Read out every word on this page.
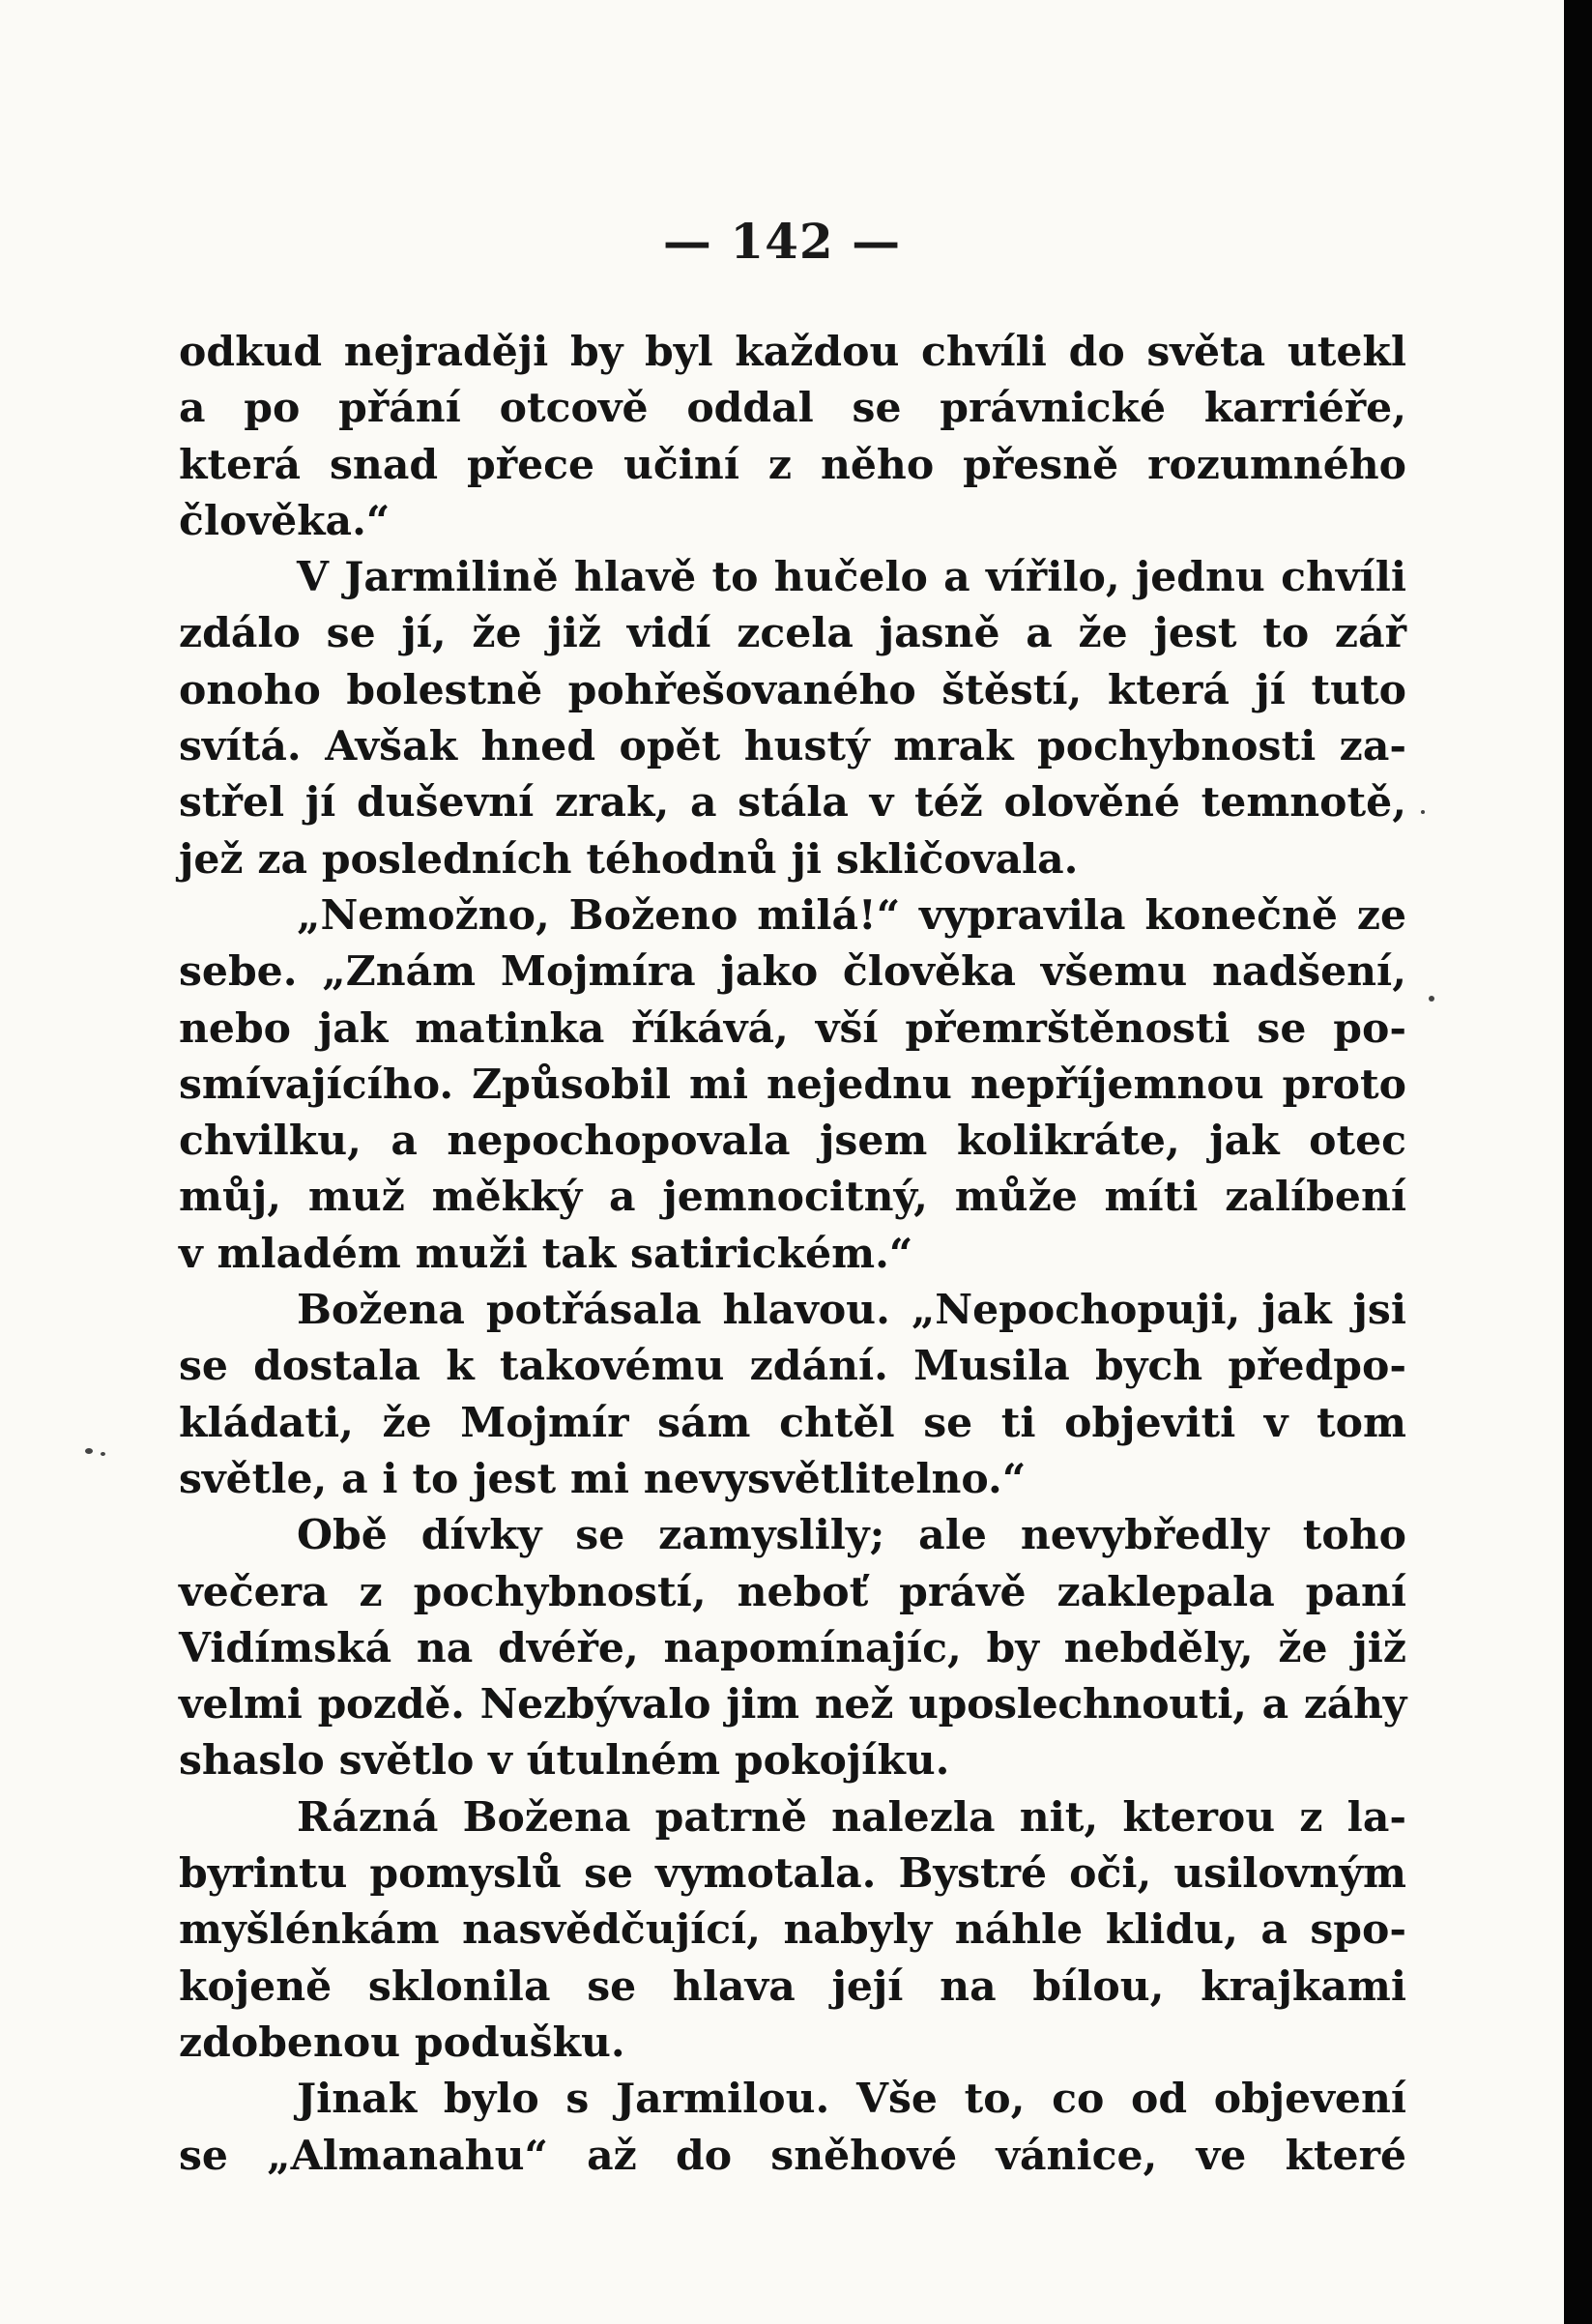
— 142 —
odkud nejraději by byl každou chvíli do světa utekl
a po přání otcově oddal se právnické karriéře,
která snad přece učiní z něho přesně rozumného
člověka.“
V Jarmilině hlavě to hučelo a vířilo, jednu chvíli
zdálo se jí, že již vidí zcela jasně a že jest to zář
onoho bolestně pohřešovaného štěstí, která jí tuto
svítá. Avšak hned opět hustý mrak pochybnosti za-
střel jí duševní zrak, a stála v též olověné temnotě,
jež za posledních téhodnů ji skličovala.
„Nemožno, Boženo milá!“ vypravila konečně ze
sebe. „Znám Mojmíra jako člověka všemu nadšení,
nebo jak matinka říkává, vší přemrštěnosti se po-
smívajícího. Způsobil mi nejednu nepříjemnou proto
chvilku, a nepochopovala jsem kolikráte, jak otec
můj, muž měkký a jemnocitný, může míti zalíbení
v mladém muži tak satirickém.“
Božena potřásala hlavou. „Nepochopuji, jak jsi
se dostala k takovému zdání. Musila bych předpo-
kládati, že Mojmír sám chtěl se ti objeviti v tom
světle, a i to jest mi nevysvětlitelno.“
Obě dívky se zamyslily; ale nevybředly toho
večera z pochybností, neboť právě zaklepala paní
Vidímská na dvéře, napomínajíc, by nebděly, že již
velmi pozdě. Nezbývalo jim než uposlechnouti, a záhy
shaslo světlo v útulném pokojíku.
Rázná Božena patrně nalezla nit, kterou z la-
byrintu pomyslů se vymotala. Bystré oči, usilovným
myšlénkám nasvědčující, nabyly náhle klidu, a spo-
kojeně sklonila se hlava její na bílou, krajkami
zdobenou podušku.
Jinak bylo s Jarmilou. Vše to, co od objevení
se „Almanahu“ až do sněhové vánice, ve které
